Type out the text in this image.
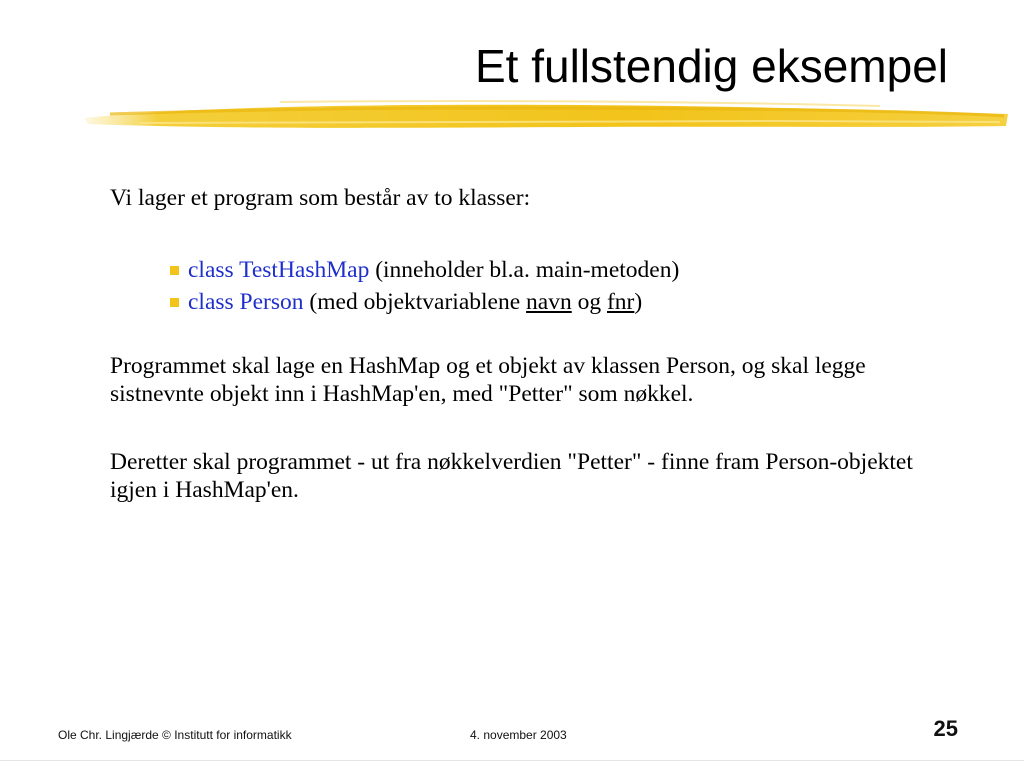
Et fullstendig eksempel

Vi lager et program som består av to klasser:

class TestHashMap (inneholder bl.a. main-metoden)
class Person (med objektvariablene navn og fnr)

Programmet skal lage en HashMap og et objekt av klassen Person, og skal legge sistnevnte objekt inn i HashMap'en, med "Petter" som nøkkel.

Deretter skal programmet - ut fra nøkkelverdien "Petter" - finne fram Person-objektet igjen i HashMap'en.

Ole Chr. Lingjærde © Institutt for informatikk	4. november 2003	25
